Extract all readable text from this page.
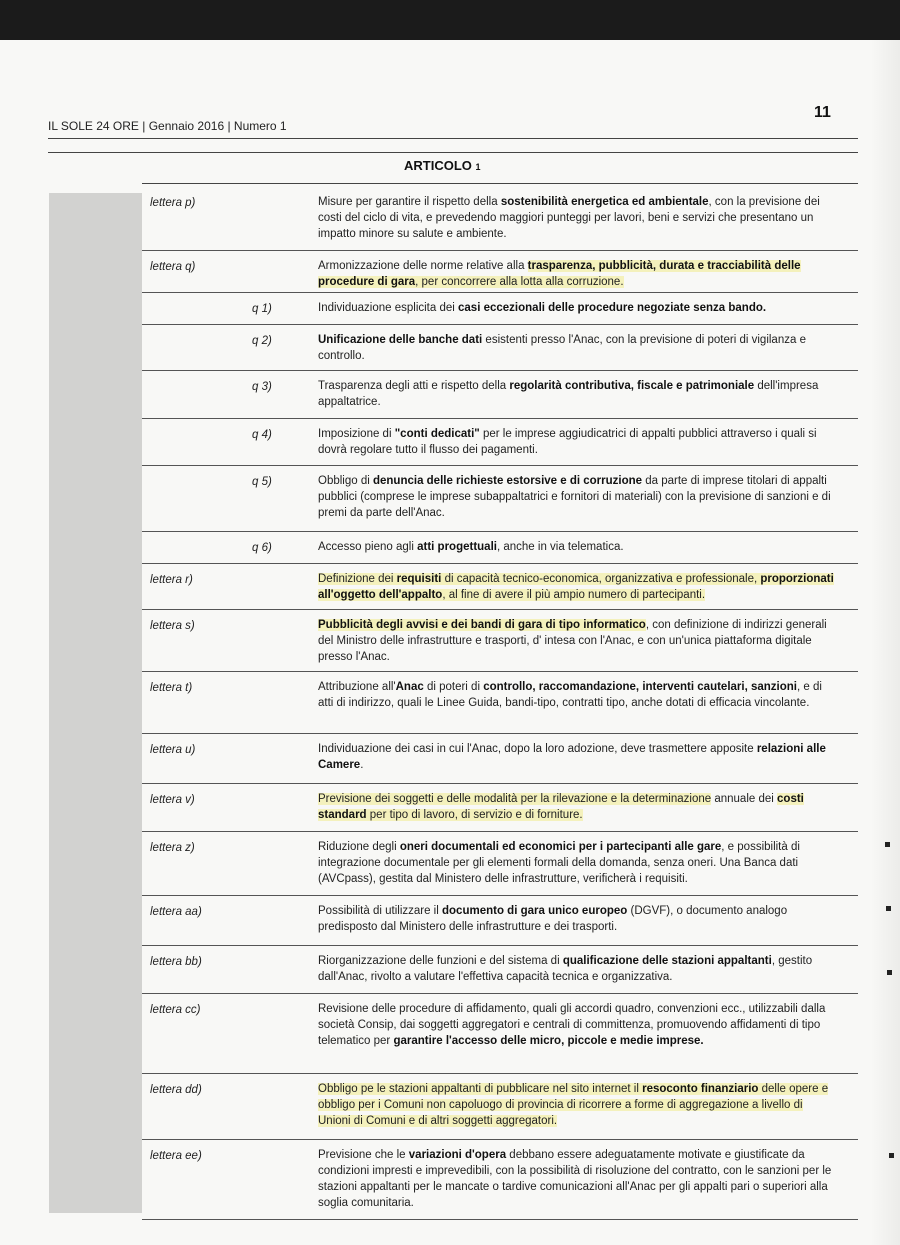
IL SOLE 24 ORE | Gennaio 2016 | Numero 1
11
ARTICOLO 1
lettera p)	Misure per garantire il rispetto della sostenibilità energetica ed ambientale, con la previsione dei costi del ciclo di vita, e prevedendo maggiori punteggi per lavori, beni e servizi che presentano un impatto minore su salute e ambiente.
lettera q)	Armonizzazione delle norme relative alla trasparenza, pubblicità, durata e tracciabilità delle procedure di gara, per concorrere alla lotta alla corruzione.
q 1)	Individuazione esplicita dei casi eccezionali delle procedure negoziate senza bando.
q 2)	Unificazione delle banche dati esistenti presso l'Anac, con la previsione di poteri di vigilanza e controllo.
q 3)	Trasparenza degli atti e rispetto della regolarità contributiva, fiscale e patrimoniale dell'impresa appaltatrice.
q 4)	Imposizione di "conti dedicati" per le imprese aggiudicatrici di appalti pubblici attraverso i quali si dovrà regolare tutto il flusso dei pagamenti.
q 5)	Obbligo di denuncia delle richieste estorsive e di corruzione da parte di imprese titolari di appalti pubblici (comprese le imprese subappaltatrici e fornitori di materiali) con la previsione di sanzioni e di premi da parte dell'Anac.
q 6)	Accesso pieno agli atti progettuali, anche in via telematica.
lettera r)	Definizione dei requisiti di capacità tecnico-economica, organizzativa e professionale, proporzionati all'oggetto dell'appalto, al fine di avere il più ampio numero di partecipanti.
lettera s)	Pubblicità degli avvisi e dei bandi di gara di tipo informatico, con definizione di indirizzi generali del Ministro delle infrastrutture e trasporti, d' intesa con l'Anac, e con un'unica piattaforma digitale presso l'Anac.
lettera t)	Attribuzione all'Anac di poteri di controllo, raccomandazione, interventi cautelari, sanzioni, e di atti di indirizzo, quali le Linee Guida, bandi-tipo, contratti tipo, anche dotati di efficacia vincolante.
lettera u)	Individuazione dei casi in cui l'Anac, dopo la loro adozione, deve trasmettere apposite relazioni alle Camere.
lettera v)	Previsione dei soggetti e delle modalità per la rilevazione e la determinazione annuale dei costi standard per tipo di lavoro, di servizio e di forniture.
lettera z)	Riduzione degli oneri documentali ed economici per i partecipanti alle gare, e possibilità di integrazione documentale per gli elementi formali della domanda, senza oneri. Una Banca dati (AVCpass), gestita dal Ministero delle infrastrutture, verificherà i requisiti.
lettera aa)	Possibilità di utilizzare il documento di gara unico europeo (DGVF), o documento analogo predisposto dal Ministero delle infrastrutture e dei trasporti.
lettera bb)	Riorganizzazione delle funzioni e del sistema di qualificazione delle stazioni appaltanti, gestito dall'Anac, rivolto a valutare l'effettiva capacità tecnica e organizzativa.
lettera cc)	Revisione delle procedure di affidamento, quali gli accordi quadro, convenzioni ecc., utilizzabili dalla società Consip, dai soggetti aggregatori e centrali di committenza, promuovendo affidamenti di tipo telematico per garantire l'accesso delle micro, piccole e medie imprese.
lettera dd)	Obbligo pe le stazioni appaltanti di pubblicare nel sito internet il resoconto finanziario delle opere e obbligo per i Comuni non capoluogo di provincia di ricorrere a forme di aggregazione a livello di Unioni di Comuni e di altri soggetti aggregatori.
lettera ee)	Previsione che le variazioni d'opera debbano essere adeguatamente motivate e giustificate da condizioni impresti e imprevedibili, con la possibilità di risoluzione del contratto, con le sanzioni per le stazioni appaltanti per le mancate o tardive comunicazioni all'Anac per gli appalti pari o superiori alla soglia comunitaria.
